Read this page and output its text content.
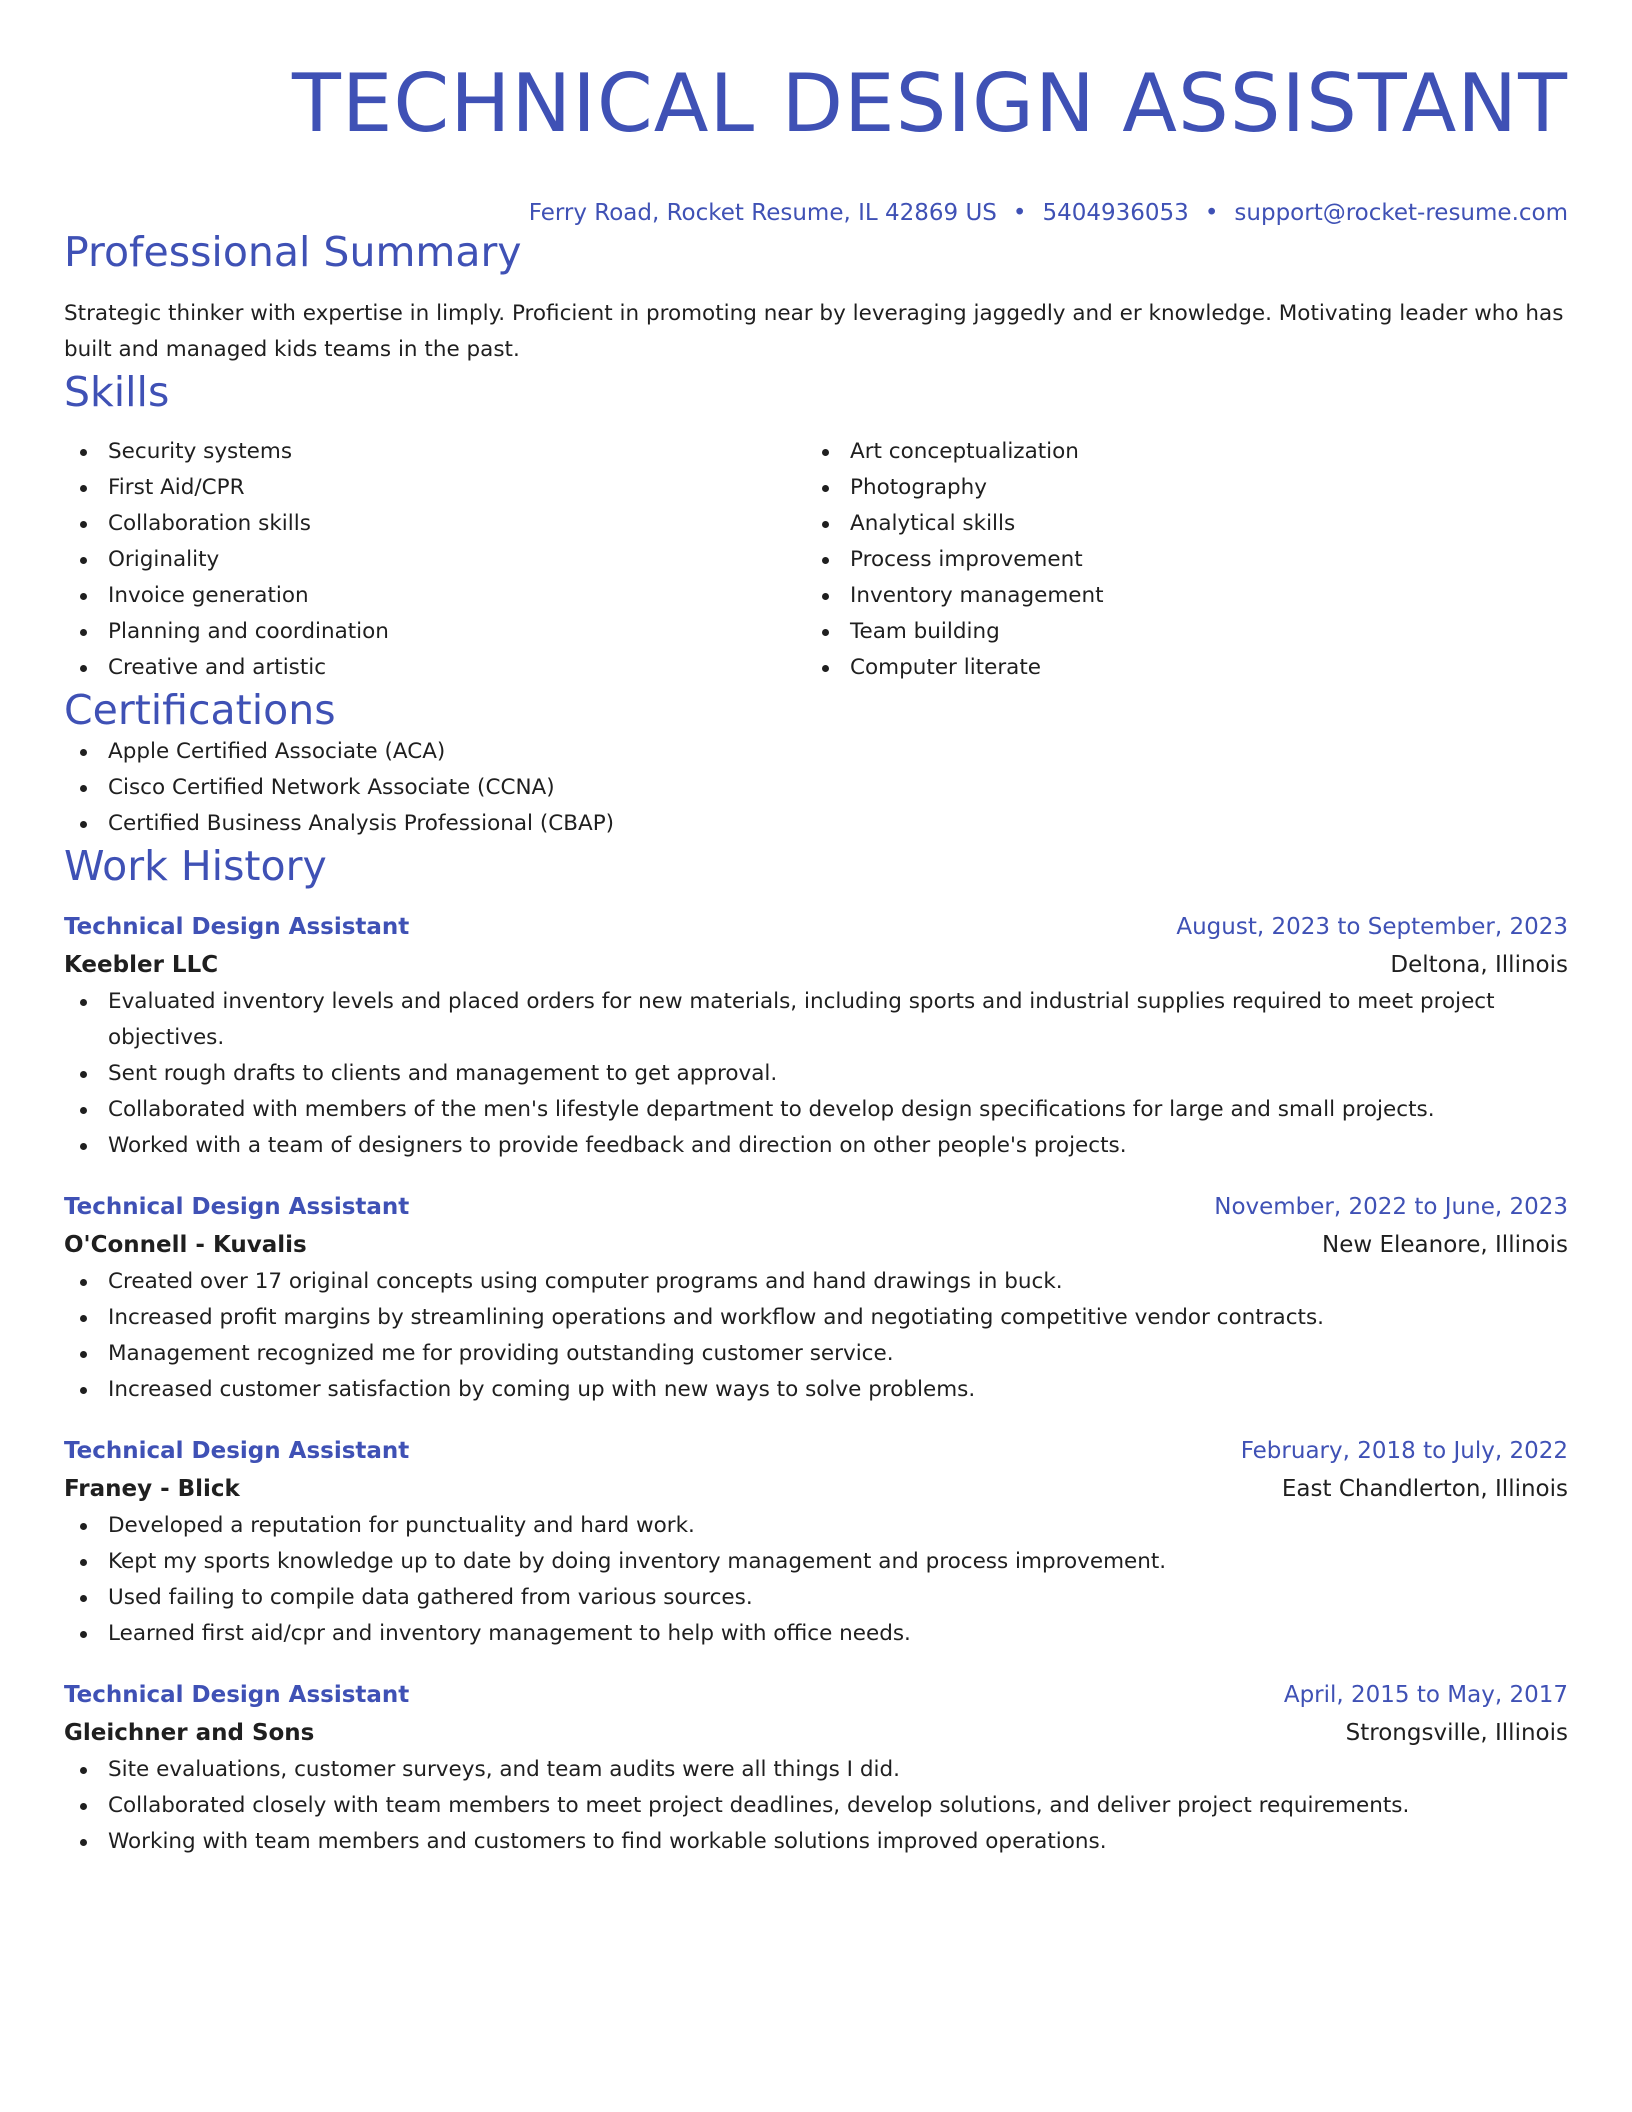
TECHNICAL DESIGN ASSISTANT
Ferry Road, Rocket Resume, IL 42869 US • 5404936053 • support@rocket-resume.com
Professional Summary
Strategic thinker with expertise in limply. Proficient in promoting near by leveraging jaggedly and er knowledge. Motivating leader who has built and managed kids teams in the past.
Skills
Security systems
First Aid/CPR
Collaboration skills
Originality
Invoice generation
Planning and coordination
Creative and artistic
Art conceptualization
Photography
Analytical skills
Process improvement
Inventory management
Team building
Computer literate
Certifications
Apple Certified Associate (ACA)
Cisco Certified Network Associate (CCNA)
Certified Business Analysis Professional (CBAP)
Work History
Technical Design Assistant	August, 2023 to September, 2023
Keebler LLC	Deltona, Illinois
Evaluated inventory levels and placed orders for new materials, including sports and industrial supplies required to meet project objectives.
Sent rough drafts to clients and management to get approval.
Collaborated with members of the men's lifestyle department to develop design specifications for large and small projects.
Worked with a team of designers to provide feedback and direction on other people's projects.
Technical Design Assistant	November, 2022 to June, 2023
O'Connell - Kuvalis	New Eleanore, Illinois
Created over 17 original concepts using computer programs and hand drawings in buck.
Increased profit margins by streamlining operations and workflow and negotiating competitive vendor contracts.
Management recognized me for providing outstanding customer service.
Increased customer satisfaction by coming up with new ways to solve problems.
Technical Design Assistant	February, 2018 to July, 2022
Franey - Blick	East Chandlerton, Illinois
Developed a reputation for punctuality and hard work.
Kept my sports knowledge up to date by doing inventory management and process improvement.
Used failing to compile data gathered from various sources.
Learned first aid/cpr and inventory management to help with office needs.
Technical Design Assistant	April, 2015 to May, 2017
Gleichner and Sons	Strongsville, Illinois
Site evaluations, customer surveys, and team audits were all things I did.
Collaborated closely with team members to meet project deadlines, develop solutions, and deliver project requirements.
Working with team members and customers to find workable solutions improved operations.
